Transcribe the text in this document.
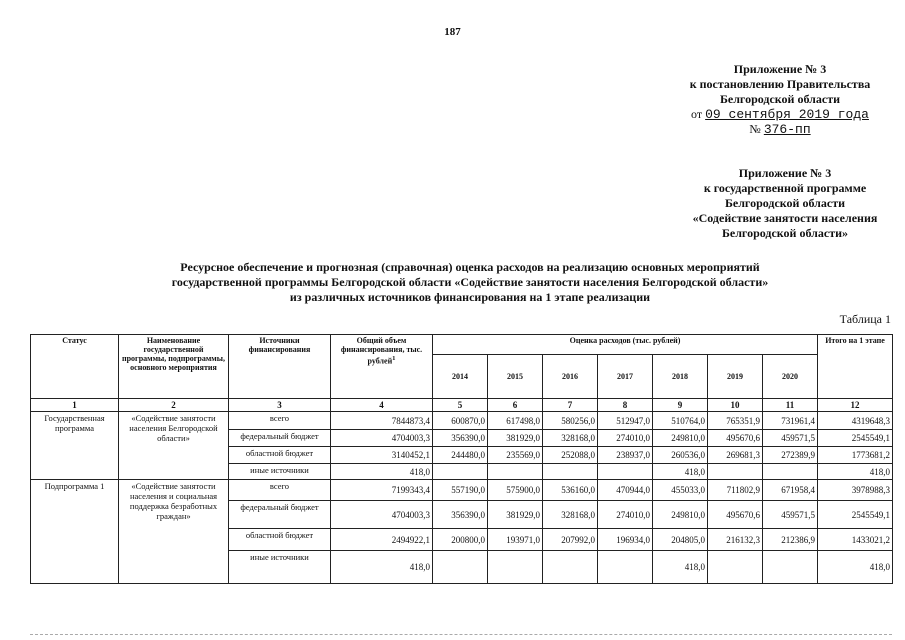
187
Приложение № 3
к постановлению Правительства
Белгородской области
от 09 сентября 2019 года
№ 376-пп
Приложение № 3
к государственной программе
Белгородской области
«Содействие занятости населения
Белгородской области»
Ресурсное обеспечение и прогнозная (справочная) оценка расходов на реализацию основных мероприятий
государственной программы Белгородской области «Содействие занятости населения Белгородской области»
из различных источников финансирования на 1 этапе реализации
Таблица 1
Статус	Наименование государственной программы, подпрограммы, основного мероприятия	Источники финансирования	Общий объем финансирования, тыс. рублей$^1$	Оценка расходов (тыс. рублей)							Итого на 1 этапе
				2014	2015	2016	2017	2018	2019	2020	
1	2	3	4	5	6	7	8	9	10	11	12
Государственная программа	«Содействие занятости населения Белгородской области»	всего	7844873,4	600870,0	617498,0	580256,0	512947,0	510764,0	765351,9	731961,4	4319648,3
		федеральный бюджет	4704003,3	356390,0	381929,0	328168,0	274010,0	249810,0	495670,6	459571,5	2545549,1
		областной бюджет	3140452,1	244480,0	235569,0	252088,0	238937,0	260536,0	269681,3	272389,9	1773681,2
		иные источники	418,0					418,0			418,0
Подпрограмма 1	«Содействие занятости населения и социальная поддержка безработных граждан»	всего	7199343,4	557190,0	575900,0	536160,0	470944,0	455033,0	711802,9	671958,4	3978988,3
		федеральный бюджет	4704003,3	356390,0	381929,0	328168,0	274010,0	249810,0	495670,6	459571,5	2545549,1
		областной бюджет	2494922,1	200800,0	193971,0	207992,0	196934,0	204805,0	216132,3	212386,9	1433021,2
		иные источники	418,0					418,0			418,0
